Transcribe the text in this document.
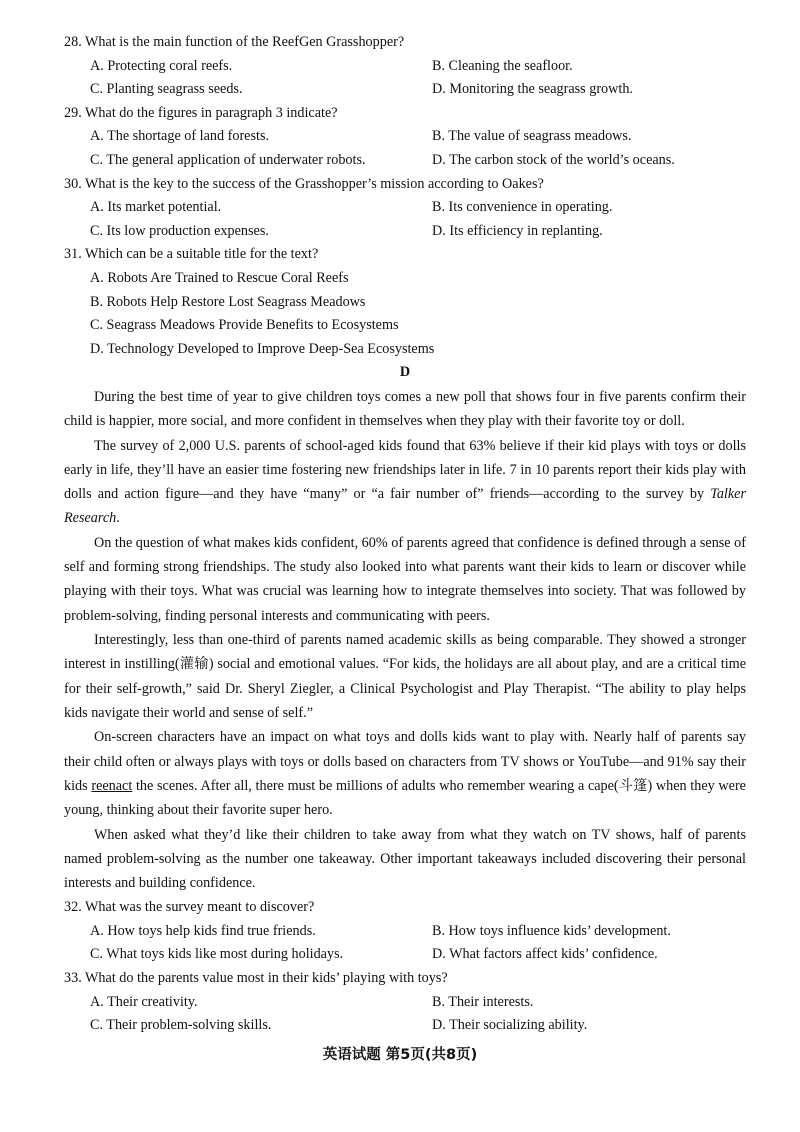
28. What is the main function of the ReefGen Grasshopper?

A. Protecting coral reefs.	B. Cleaning the seafloor.
C. Planting seagrass seeds.	D. Monitoring the seagrass growth.

29. What do the figures in paragraph 3 indicate?

A. The shortage of land forests.	B. The value of seagrass meadows.
C. The general application of underwater robots.	D. The carbon stock of the world’s oceans.

30. What is the key to the success of the Grasshopper’s mission according to Oakes?

A. Its market potential.	B. Its convenience in operating.
C. Its low production expenses.	D. Its efficiency in replanting.

31. Which can be a suitable title for the text?

A. Robots Are Trained to Rescue Coral Reefs
B. Robots Help Restore Lost Seagrass Meadows
C. Seagrass Meadows Provide Benefits to Ecosystems
D. Technology Developed to Improve Deep-Sea Ecosystems

D

During the best time of year to give children toys comes a new poll that shows four in five parents confirm their child is happier, more social, and more confident in themselves when they play with their favorite toy or doll.

The survey of 2,000 U.S. parents of school-aged kids found that 63% believe if their kid plays with toys or dolls early in life, they’ll have an easier time fostering new friendships later in life. 7 in 10 parents report their kids play with dolls and action figure—and they have “many” or “a fair number of” friends—according to the survey by Talker Research.

On the question of what makes kids confident, 60% of parents agreed that confidence is defined through a sense of self and forming strong friendships. The study also looked into what parents want their kids to learn or discover while playing with their toys. What was crucial was learning how to integrate themselves into society. That was followed by problem-solving, finding personal interests and communicating with peers.

Interestingly, less than one-third of parents named academic skills as being comparable. They showed a stronger interest in instilling(灌输) social and emotional values. “For kids, the holidays are all about play, and are a critical time for their self-growth,” said Dr. Sheryl Ziegler, a Clinical Psychologist and Play Therapist. “The ability to play helps kids navigate their world and sense of self.”

On-screen characters have an impact on what toys and dolls kids want to play with. Nearly half of parents say their child often or always plays with toys or dolls based on characters from TV shows or YouTube—and 91% say their kids reenact the scenes. After all, there must be millions of adults who remember wearing a cape(斗篷) when they were young, thinking about their favorite super hero.

When asked what they’d like their children to take away from what they watch on TV shows, half of parents named problem-solving as the number one takeaway. Other important takeaways included discovering their personal interests and building confidence.

32. What was the survey meant to discover?

A. How toys help kids find true friends.	B. How toys influence kids’ development.
C. What toys kids like most during holidays.	D. What factors affect kids’ confidence.

33. What do the parents value most in their kids’ playing with toys?

A. Their creativity.	B. Their interests.
C. Their problem-solving skills.	D. Their socializing ability.
英语试题 第5页(共8页)
